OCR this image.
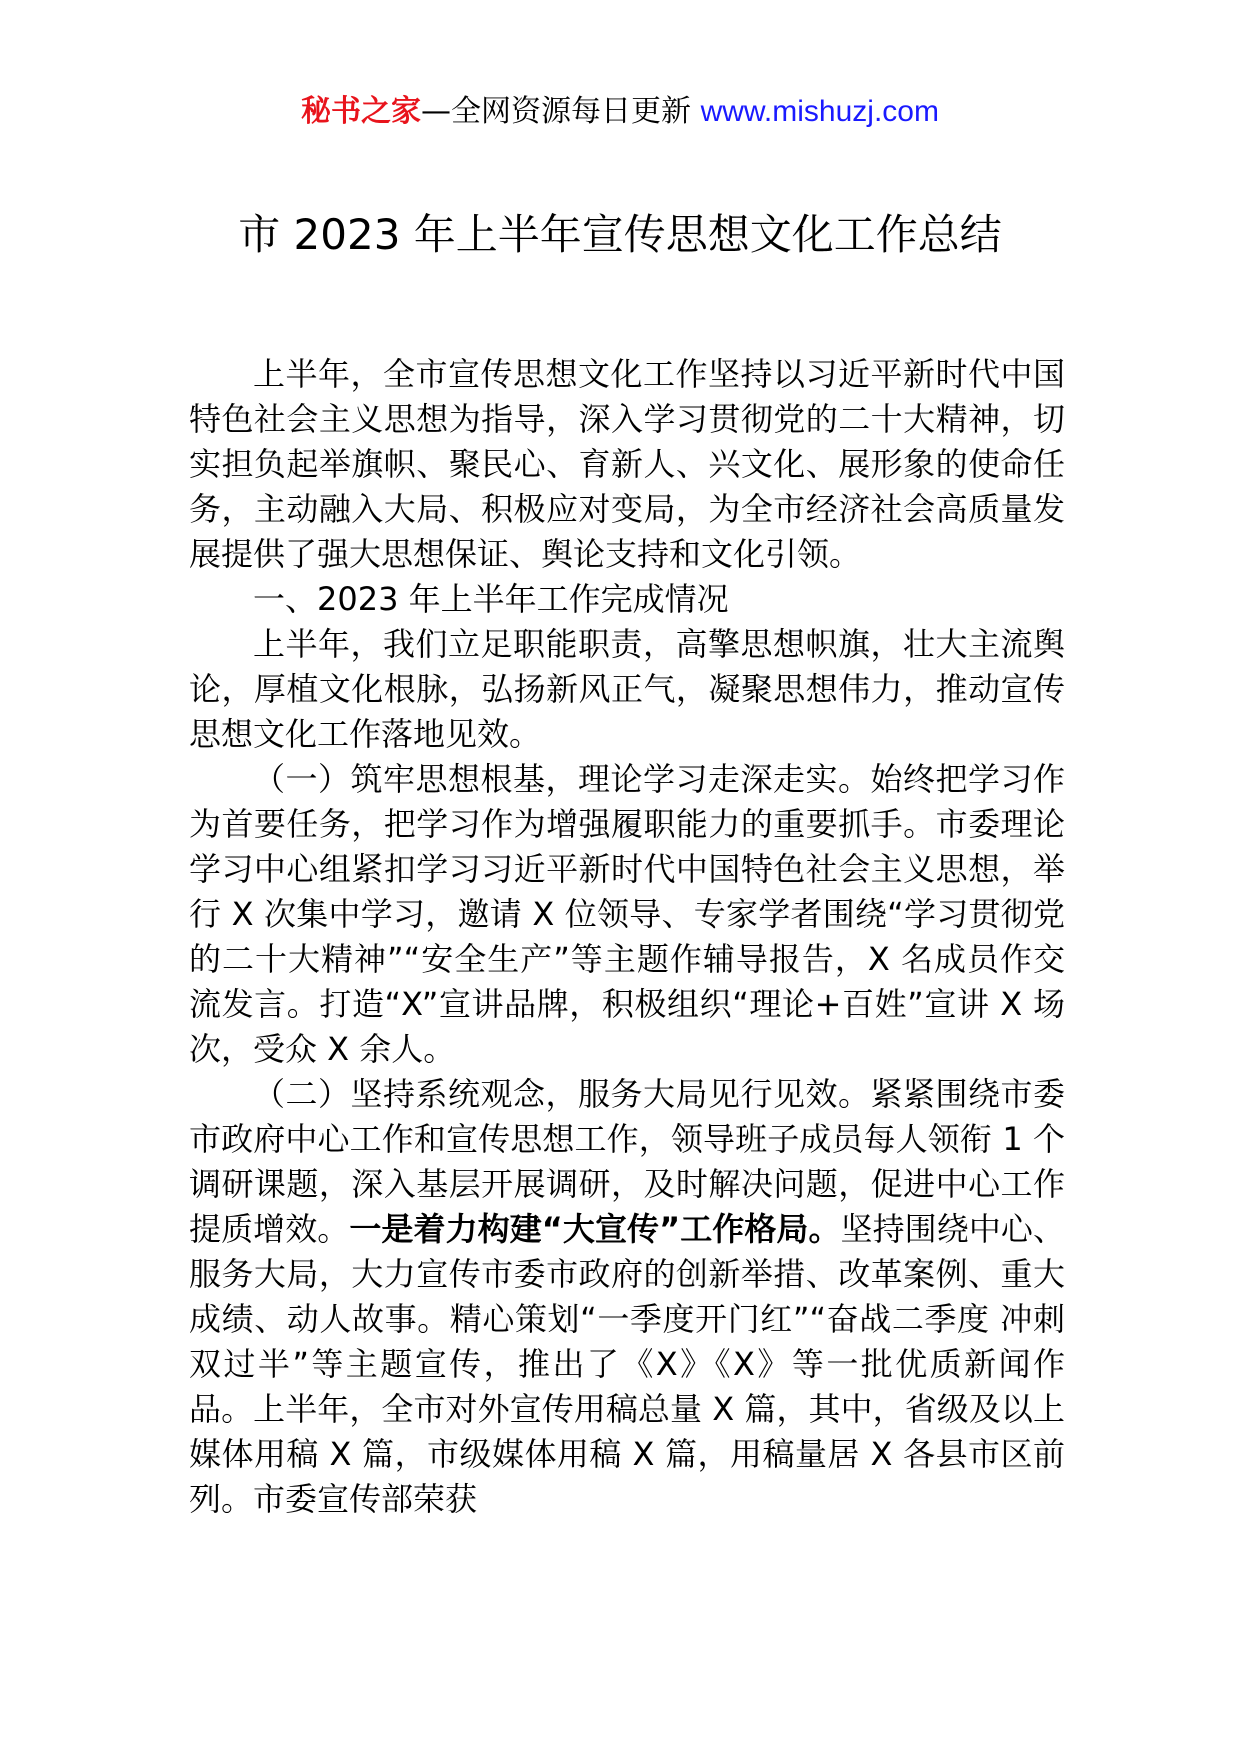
秘书之家—全网资源每日更新 www.mishuzj.com
市 2023 年上半年宣传思想文化工作总结

上半年，全市宣传思想文化工作坚持以习近平新时代中国特色社会主义思想为指导，深入学习贯彻党的二十大精神，切实担负起举旗帜、聚民心、育新人、兴文化、展形象的使命任务，主动融入大局、积极应对变局，为全市经济社会高质量发展提供了强大思想保证、舆论支持和文化引领。

一、2023 年上半年工作完成情况

上半年，我们立足职能职责，高擎思想帜旗，壮大主流舆论，厚植文化根脉，弘扬新风正气，凝聚思想伟力，推动宣传思想文化工作落地见效。

（一）筑牢思想根基，理论学习走深走实。始终把学习作为首要任务，把学习作为增强履职能力的重要抓手。市委理论学习中心组紧扣学习习近平新时代中国特色社会主义思想，举行 X 次集中学习，邀请 X 位领导、专家学者围绕“学习贯彻党的二十大精神”“安全生产”等主题作辅导报告，X 名成员作交流发言。打造“X”宣讲品牌，积极组织“理论+百姓”宣讲 X 场次，受众 X 余人。

（二）坚持系统观念，服务大局见行见效。紧紧围绕市委市政府中心工作和宣传思想工作，领导班子成员每人领衔 1 个调研课题，深入基层开展调研，及时解决问题，促进中心工作提质增效。一是着力构建“大宣传”工作格局。坚持围绕中心、服务大局，大力宣传市委市政府的创新举措、改革案例、重大成绩、动人故事。精心策划“一季度开门红”“奋战二季度 冲刺双过半”等主题宣传，推出了《X》《X》等一批优质新闻作品。上半年，全市对外宣传用稿总量 X 篇，其中，省级及以上媒体用稿 X 篇，市级媒体用稿 X 篇，用稿量居 X 各县市区前列。市委宣传部荣获
